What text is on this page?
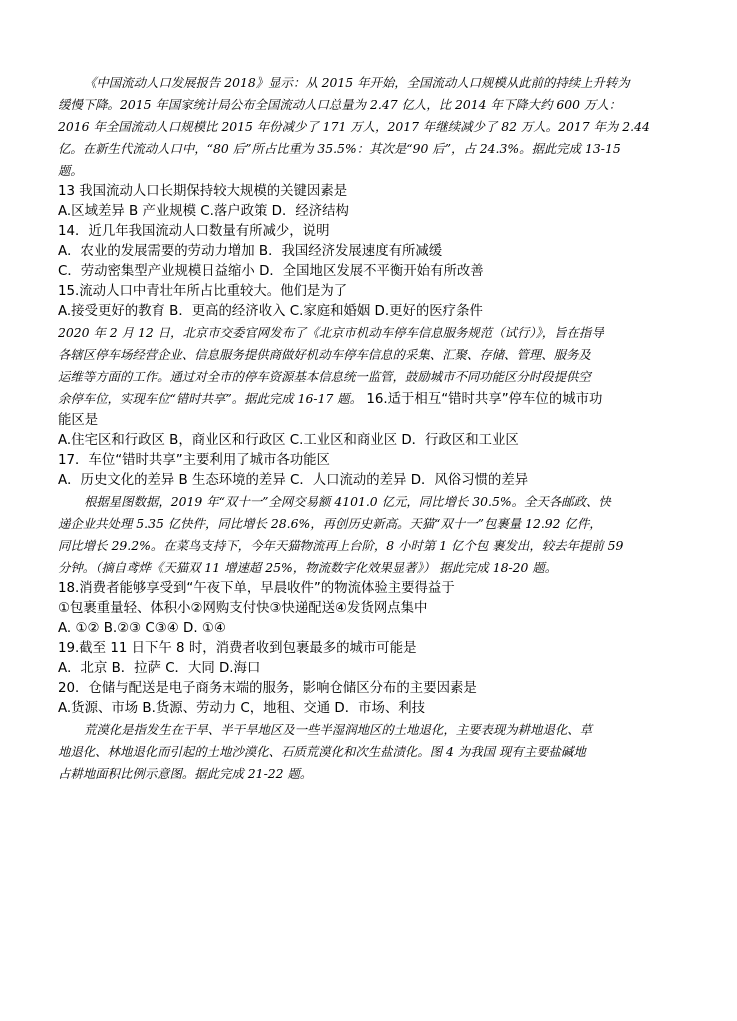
《中国流动人口发展报告 2018》显示：从 2015 年开始，全国流动人口规模从此前的持续上升转为
缓慢下降。2015 年国家统计局公布全国流动人口总量为 2.47 亿人，比 2014 年下降大约 600 万人：
2016 年全国流动人口规模比 2015 年份减少了 171 万人，2017 年继续减少了 82 万人。2017 年为 2.44
亿。在新生代流动人口中，“80 后”所占比重为 35.5%：其次是“90 后”，占 24.3%。据此完成 13-15
题。
13 我国流动人口长期保持较大规模的关键因素是
A.区域差异 B 产业规模 C.落户政策 D．经济结构
14．近几年我国流动人口数量有所减少，说明
A．农业的发展需要的劳动力增加 B．我国经济发展速度有所减缓
C．劳动密集型产业规模日益缩小 D．全国地区发展不平衡开始有所改善
15.流动人口中青壮年所占比重较大。他们是为了
A.接受更好的教育 B．更高的经济收入 C.家庭和婚姻 D.更好的医疗条件
2020 年 2 月 12 日，北京市交委官网发布了《北京市机动车停车信息服务规范（试行）》，旨在指导
各辖区停车场经营企业、信息服务提供商做好机动车停车信息的采集、汇聚、存储、管理、服务及
运维等方面的工作。通过对全市的停车资源基本信息统一监管，鼓励城市不同功能区分时段提供空
余停车位，实现车位“错时共享”。据此完成 16-17 题。 16.适于相互“错时共享”停车位的城市功
能区是
A.住宅区和行政区 B，商业区和行政区 C.工业区和商业区 D．行政区和工业区
17．车位“错时共享”主要利用了城市各功能区
A．历史文化的差异 B 生态环境的差异 C．人口流动的差异 D．风俗习惯的差异
根据星图数据，2019 年“双十一”全网交易额 4101.0 亿元，同比增长 30.5%。全天各邮政、快
递企业共处理 5.35 亿快件，同比增长 28.6%，再创历史新高。天猫“双十一”包裹量 12.92 亿件，
同比增长 29.2%。在菜鸟支持下，今年天猫物流再上台阶，8 小时第 1 亿个包 裹发出，较去年提前 59
分钟。（摘自鸢烨《天猫双 11 增速超 25%，物流数字化效果显著》） 据此完成 18-20 题。
18.消费者能够享受到“午夜下单，早晨收件”的物流体验主要得益于
①包裹重量轻、体积小②网购支付快③快递配送④发货网点集中
A. ①② B.②③ C③④ D. ①④
19.截至 11 日下午 8 时，消费者收到包裹最多的城市可能是
A．北京 B．拉萨 C．大同 D.海口
20．仓储与配送是电子商务末端的服务，影响仓储区分布的主要因素是
A.货源、市场 B.货源、劳动力 C，地租、交通 D．市场、利技
荒漠化是指发生在干旱、半干旱地区及一些半湿润地区的土地退化，主要表现为耕地退化、草
地退化、林地退化而引起的土地沙漠化、石质荒漠化和次生盐渍化。图 4 为我国 现有主要盐碱地
占耕地面积比例示意图。据此完成 21-22 题。
